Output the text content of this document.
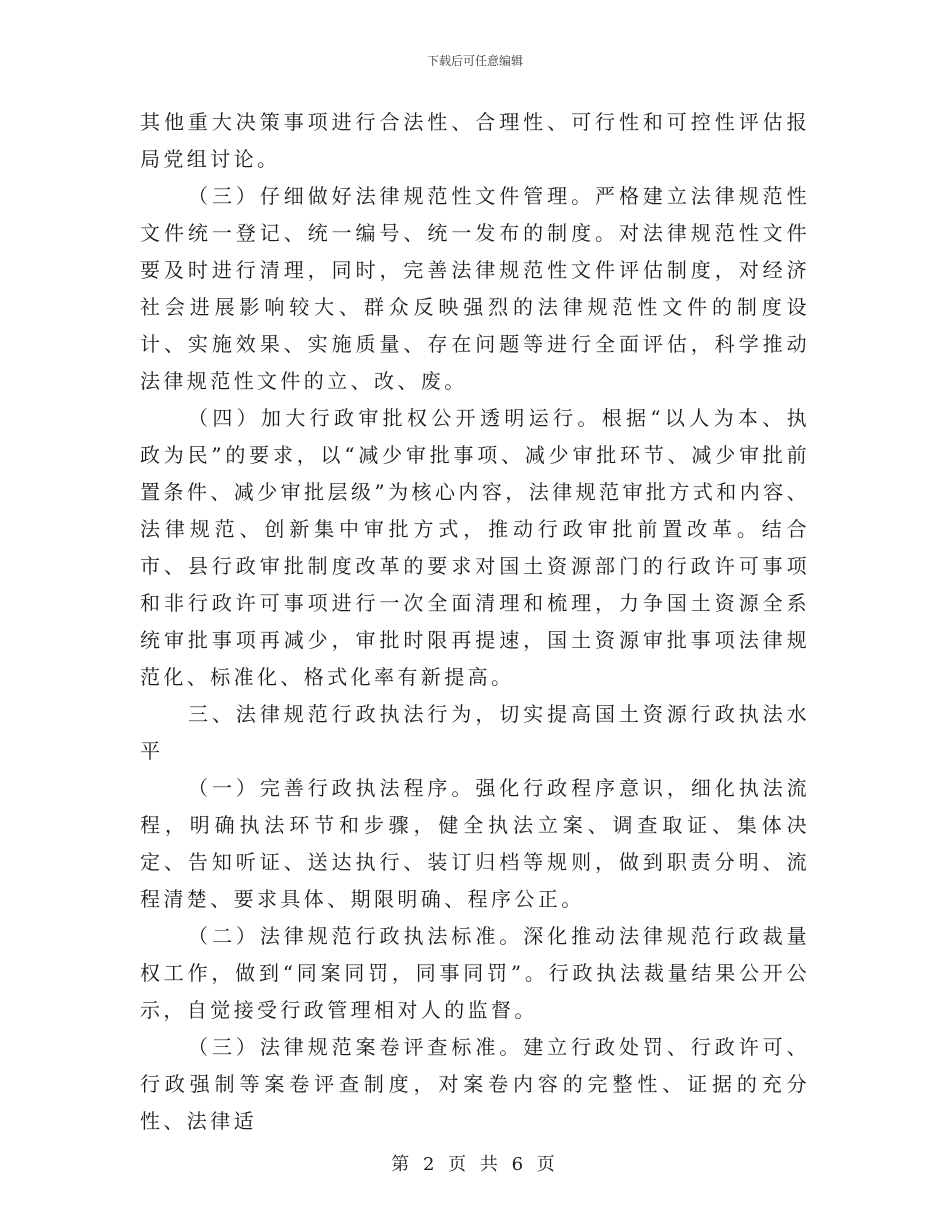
下载后可任意编辑

其他重大决策事项进行合法性、合理性、可行性和可控性评估报局党组讨论。

（三）仔细做好法律规范性文件管理。严格建立法律规范性文件统一登记、统一编号、统一发布的制度。对法律规范性文件要及时进行清理，同时，完善法律规范性文件评估制度，对经济社会进展影响较大、群众反映强烈的法律规范性文件的制度设计、实施效果、实施质量、存在问题等进行全面评估，科学推动法律规范性文件的立、改、废。

（四）加大行政审批权公开透明运行。根据“以人为本、执政为民”的要求，以“减少审批事项、减少审批环节、减少审批前置条件、减少审批层级”为核心内容，法律规范审批方式和内容、法律规范、创新集中审批方式，推动行政审批前置改革。结合市、县行政审批制度改革的要求对国土资源部门的行政许可事项和非行政许可事项进行一次全面清理和梳理，力争国土资源全系统审批事项再减少，审批时限再提速，国土资源审批事项法律规范化、标准化、格式化率有新提高。

三、法律规范行政执法行为，切实提高国土资源行政执法水平

（一）完善行政执法程序。强化行政程序意识，细化执法流程，明确执法环节和步骤，健全执法立案、调查取证、集体决定、告知听证、送达执行、装订归档等规则，做到职责分明、流程清楚、要求具体、期限明确、程序公正。

（二）法律规范行政执法标准。深化推动法律规范行政裁量权工作，做到“同案同罚，同事同罚”。行政执法裁量结果公开公示，自觉接受行政管理相对人的监督。

（三）法律规范案卷评查标准。建立行政处罚、行政许可、行政强制等案卷评查制度，对案卷内容的完整性、证据的充分性、法律适

第 2 页 共 6 页
